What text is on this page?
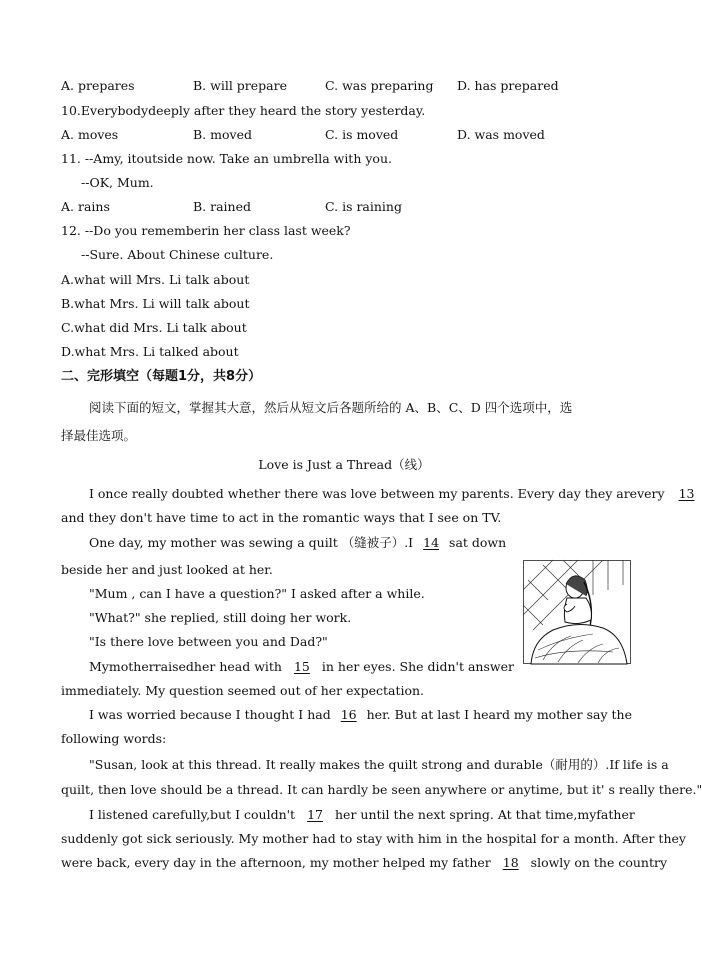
A. prepares	B. will prepare	C. was preparing D. has prepared
10.Everybodydeeply after they heard the story yesterday.
A. moves	B. moved	C. is moved	D. was moved
11. --Amy, itoutside now. Take an umbrella with you.
--OK, Mum.
A. rains	B. rained	C. is raining
12. --Do you rememberin her class last week?
--Sure. About Chinese culture.
A.what will Mrs. Li talk about
B.what Mrs. Li will talk about
C.what did Mrs. Li talk about
D.what Mrs. Li talked about
二、完形填空（每题1分，共8分）
阅读下面的短文，掌握其大意，然后从短文后各题所给的 A、B、C、D 四个选项中，选
择最佳选项。
Love is Just a Thread（线）
I once really doubted whether there was love between my parents. Every day they arevery 13
and they don't have time to act in the romantic ways that I see on TV.
One day, my mother was sewing a quilt （缝被子）.I 14 sat down
beside her and just looked at her.
"Mum , can I have a question?" I asked after a while.
"What?" she replied, still doing her work.
"Is there love between you and Dad?"
Mymotherraisedher head with 15 in her eyes. She didn't answer
immediately. My question seemed out of her expectation.
I was worried because I thought I had 16 her. But at last I heard my mother say the
following words:
"Susan, look at this thread. It really makes the quilt strong and durable（耐用的）.If life is a
quilt, then love should be a thread. It can hardly be seen anywhere or anytime, but it' s really there."
I listened carefully,but I couldn't 17 her until the next spring. At that time,myfather
suddenly got sick seriously. My mother had to stay with him in the hospital for a month. After they
were back, every day in the afternoon, my mother helped my father 18 slowly on the country
